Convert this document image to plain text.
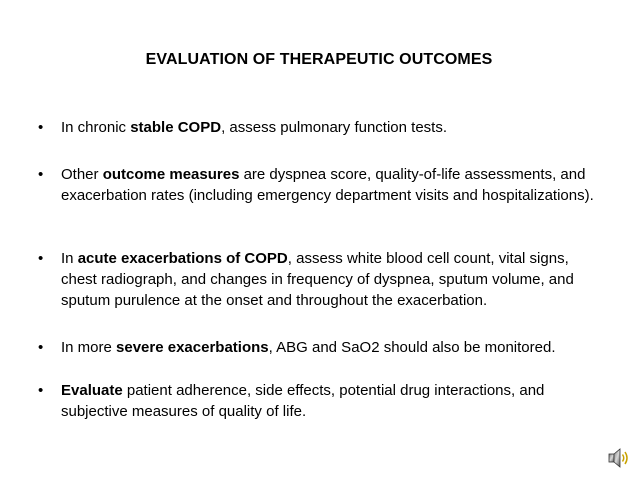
EVALUATION OF THERAPEUTIC OUTCOMES
•	In chronic stable COPD, assess pulmonary function tests.
•	Other outcome measures are dyspnea score, quality-of-life assessments, and exacerbation rates (including emergency department visits and hospitalizations).
•	In acute exacerbations of COPD, assess white blood cell count, vital signs, chest radiograph, and changes in frequency of dyspnea, sputum volume, and sputum purulence at the onset and throughout the exacerbation.
•	In more severe exacerbations, ABG and SaO2 should also be monitored.
•	Evaluate patient adherence, side effects, potential drug interactions, and subjective measures of quality of life.
